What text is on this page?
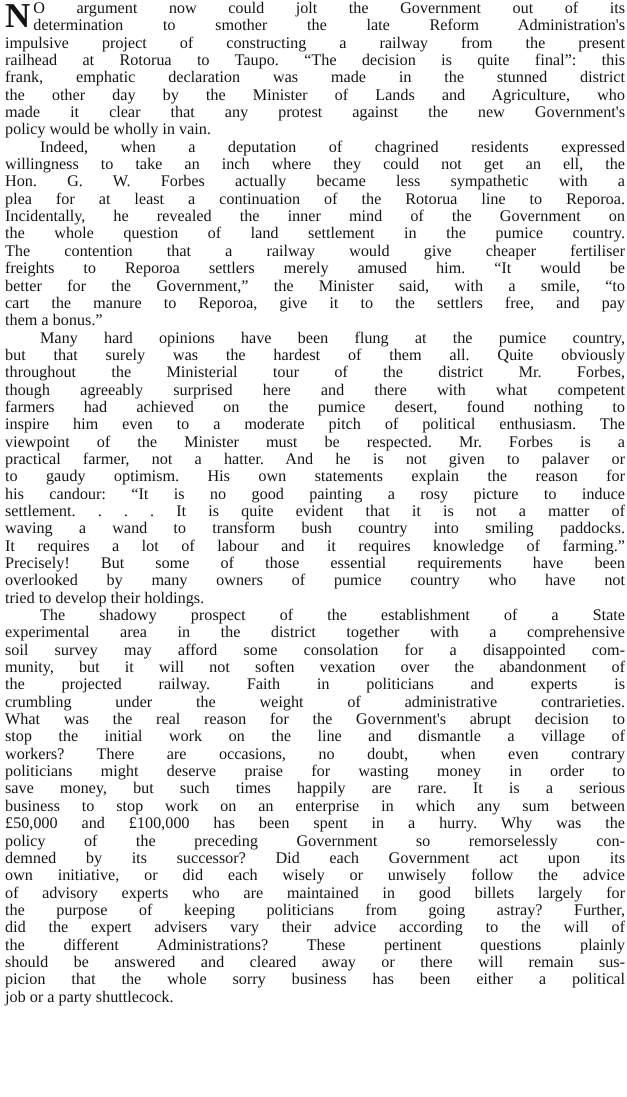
N O argument now could jolt the Government out of its
determination to smother the late Reform Administration's
impulsive project of constructing a railway from the present
railhead at Rotorua to Taupo. “The decision is quite final”: this
frank, emphatic declaration was made in the stunned district
the other day by the Minister of Lands and Agriculture, who
made it clear that any protest against the new Government's
policy would be wholly in vain.
Indeed, when a deputation of chagrined residents expressed
willingness to take an inch where they could not get an ell, the
Hon. G. W. Forbes actually became less sympathetic with a
plea for at least a continuation of the Rotorua line to Reporoa.
Incidentally, he revealed the inner mind of the Government on
the whole question of land settlement in the pumice country.
The contention that a railway would give cheaper fertiliser
freights to Reporoa settlers merely amused him. “It would be
better for the Government,” the Minister said, with a smile, “to
cart the manure to Reporoa, give it to the settlers free, and pay
them a bonus.”
Many hard opinions have been flung at the pumice country,
but that surely was the hardest of them all. Quite obviously
throughout the Ministerial tour of the district Mr. Forbes,
though agreeably surprised here and there with what competent
farmers had achieved on the pumice desert, found nothing to
inspire him even to a moderate pitch of political enthusiasm. The
viewpoint of the Minister must be respected. Mr. Forbes is a
practical farmer, not a hatter. And he is not given to palaver or
to gaudy optimism. His own statements explain the reason for
his candour: “It is no good painting a rosy picture to induce
settlement. . . . It is quite evident that it is not a matter of
waving a wand to transform bush country into smiling paddocks.
It requires a lot of labour and it requires knowledge of farming.”
Precisely! But some of those essential requirements have been
overlooked by many owners of pumice country who have not
tried to develop their holdings.
The shadowy prospect of the establishment of a State
experimental area in the district together with a comprehensive
soil survey may afford some consolation for a disappointed com-
munity, but it will not soften vexation over the abandonment of
the projected railway. Faith in politicians and experts is
crumbling under the weight of administrative contrarieties.
What was the real reason for the Government's abrupt decision to
stop the initial work on the line and dismantle a village of
workers? There are occasions, no doubt, when even contrary
politicians might deserve praise for wasting money in order to
save money, but such times happily are rare. It is a serious
business to stop work on an enterprise in which any sum between
£50,000 and £100,000 has been spent in a hurry. Why was the
policy of the preceding Government so remorselessly con-
demned by its successor? Did each Government act upon its
own initiative, or did each wisely or unwisely follow the advice
of advisory experts who are maintained in good billets largely for
the purpose of keeping politicians from going astray? Further,
did the expert advisers vary their advice according to the will of
the different Administrations? These pertinent questions plainly
should be answered and cleared away or there will remain sus-
picion that the whole sorry business has been either a political
job or a party shuttlecock.
